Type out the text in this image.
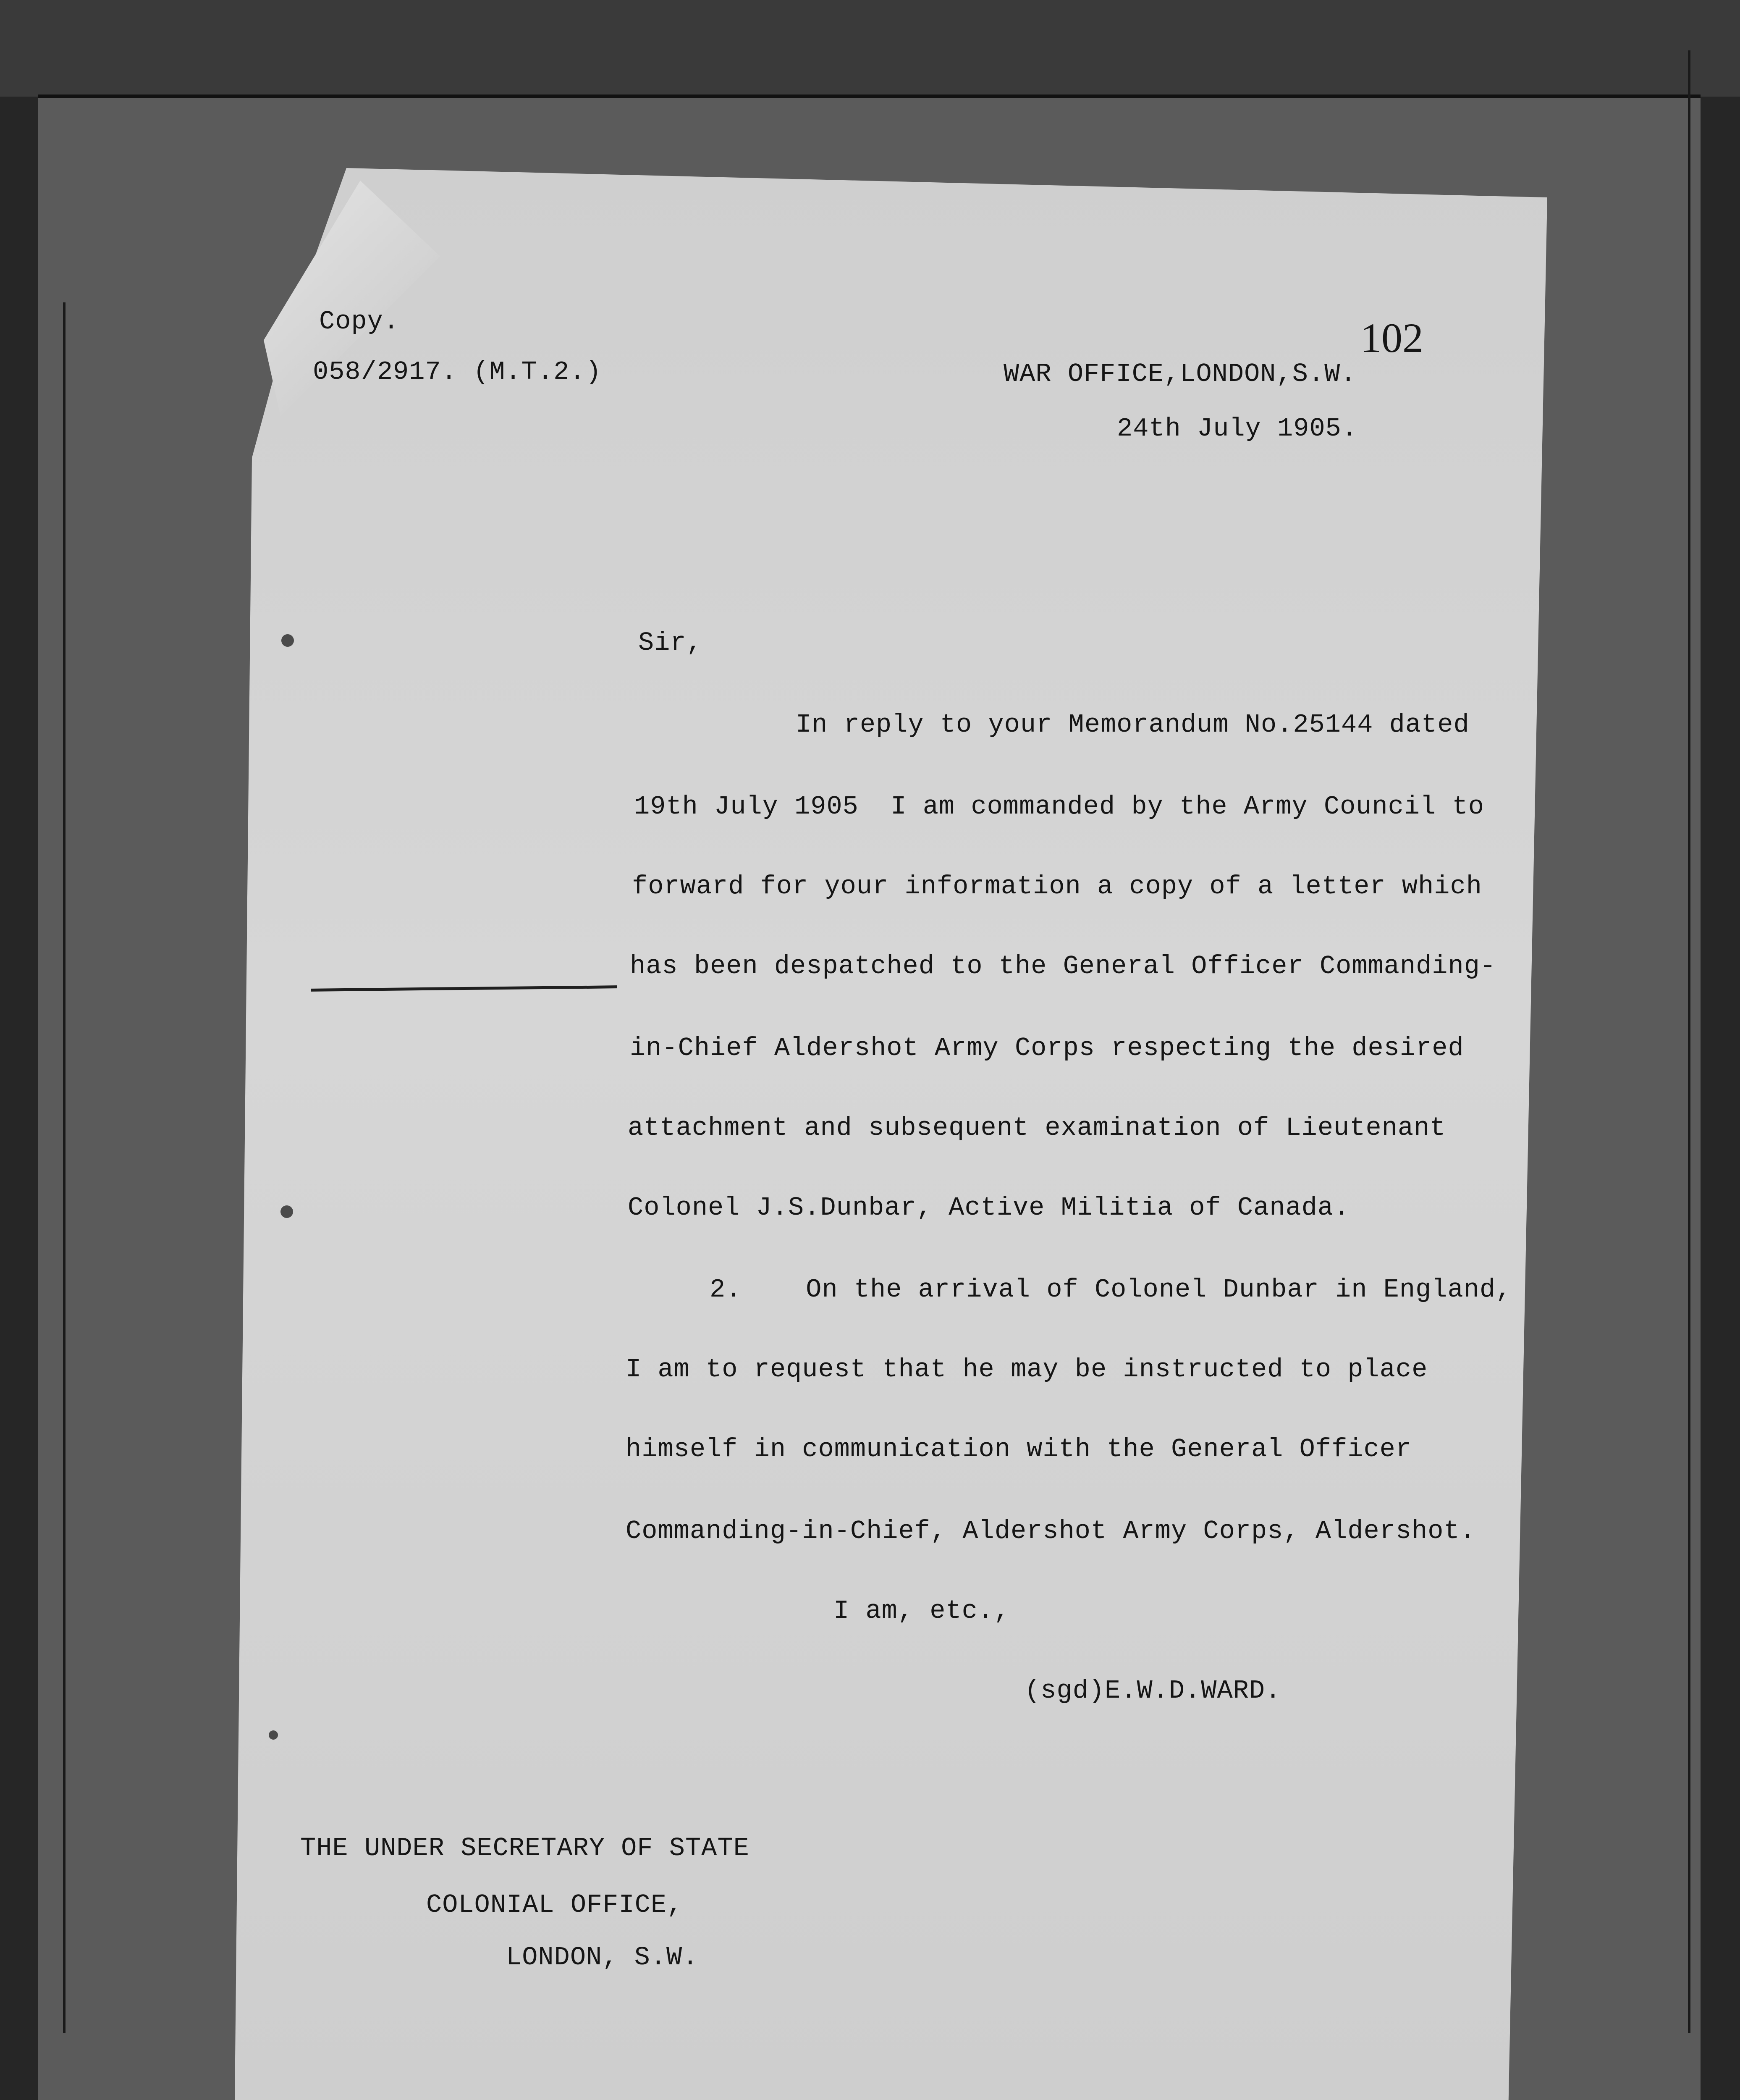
Copy.
058/2917. (M.T.2.)
102
WAR OFFICE,LONDON,S.W.
24th July 1905.
Sir,
In reply to your Memorandum No.25144 dated
19th July 1905  I am commanded by the Army Council to
forward for your information a copy of a letter which
has been despatched to the General Officer Commanding-
in-Chief Aldershot Army Corps respecting the desired
attachment and subsequent examination of Lieutenant
Colonel J.S.Dunbar, Active Militia of Canada.
2.    On the arrival of Colonel Dunbar in England,
I am to request that he may be instructed to place
himself in communication with the General Officer
Commanding-in-Chief, Aldershot Army Corps, Aldershot.
I am, etc.,
(sgd)E.W.D.WARD.
THE UNDER SECRETARY OF STATE
COLONIAL OFFICE,
LONDON, S.W.
